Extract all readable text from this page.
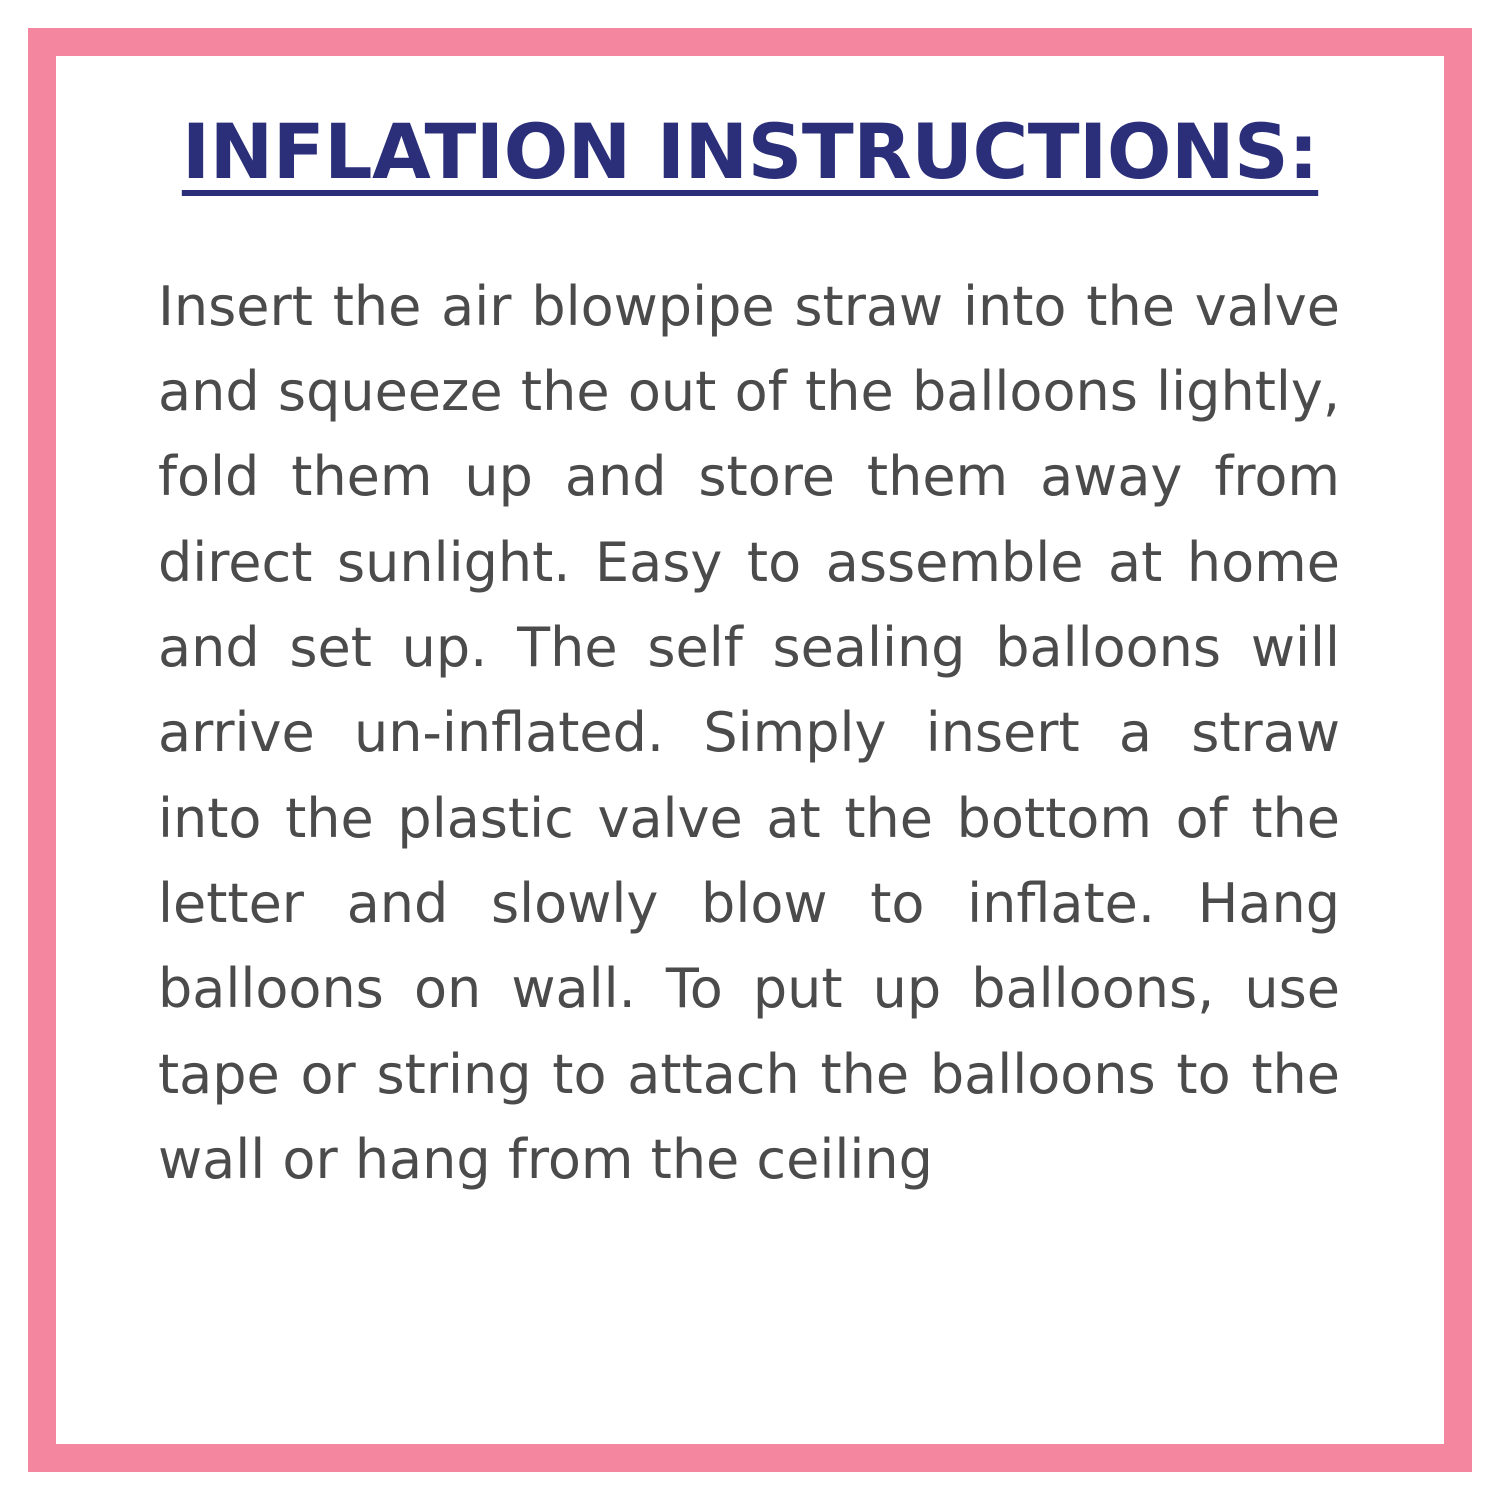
INFLATION INSTRUCTIONS:

Insert the air blowpipe straw into the valve and squeeze the out of the balloons lightly, fold them up and store them away from direct sunlight. Easy to assemble at home and set up. The self sealing balloons will arrive un-inflated. Simply insert a straw into the plastic valve at the bottom of the letter and slowly blow to inflate. Hang balloons on wall. To put up balloons, use tape or string to attach the balloons to the wall or hang from the ceiling
